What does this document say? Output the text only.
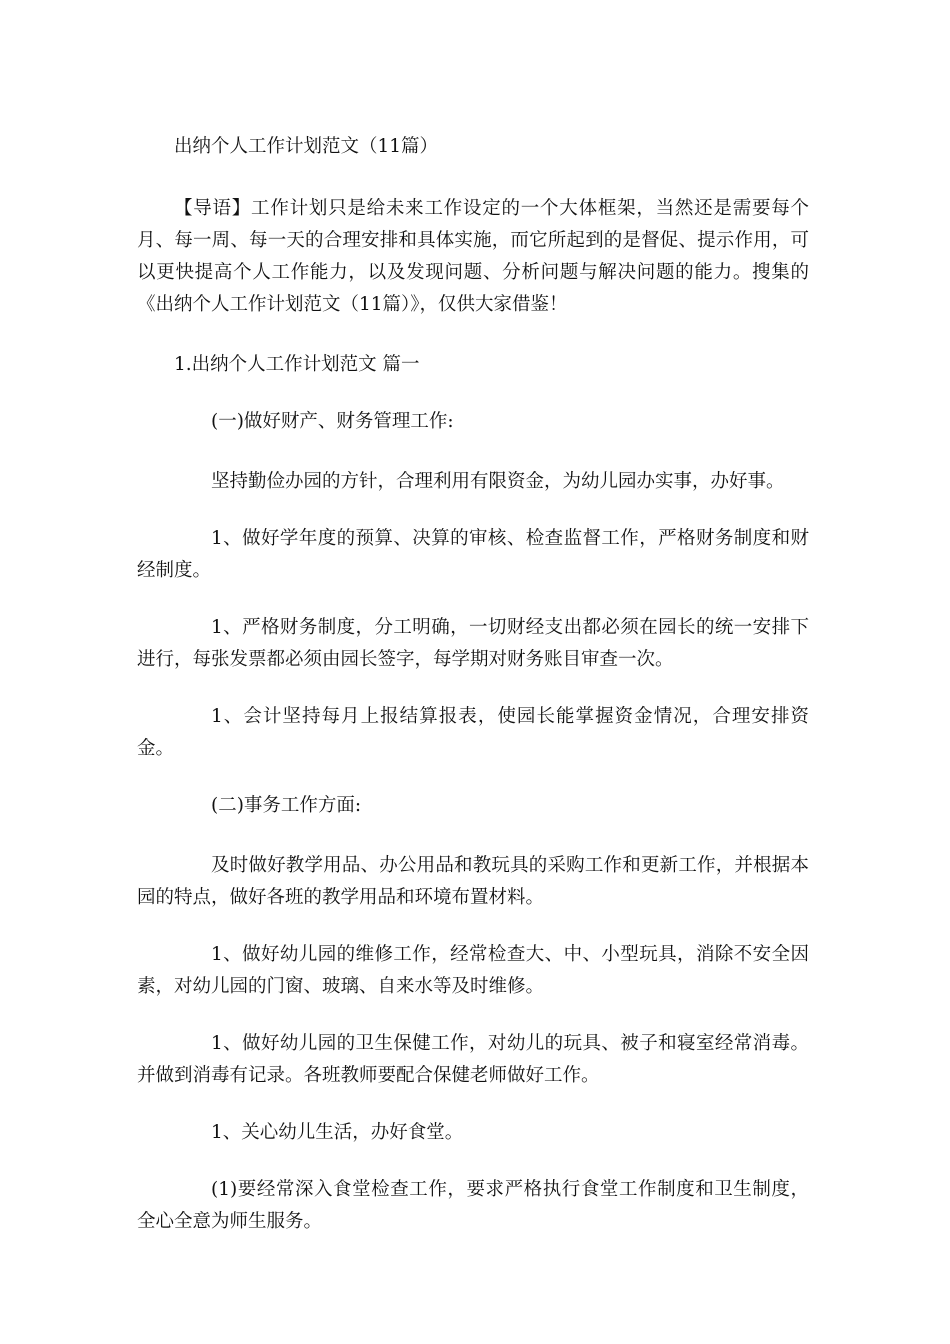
出纳个人工作计划范文（11篇）

【导语】工作计划只是给未来工作设定的一个大体框架，当然还是需要每个月、每一周、每一天的合理安排和具体实施，而它所起到的是督促、提示作用，可以更快提高个人工作能力，以及发现问题、分析问题与解决问题的能力。搜集的《出纳个人工作计划范文（11篇）》，仅供大家借鉴！

1.出纳个人工作计划范文 篇一

(一)做好财产、财务管理工作:

坚持勤俭办园的方针，合理利用有限资金，为幼儿园办实事，办好事。

1、做好学年度的预算、决算的审核、检查监督工作，严格财务制度和财经制度。

1、严格财务制度，分工明确，一切财经支出都必须在园长的统一安排下进行，每张发票都必须由园长签字，每学期对财务账目审查一次。

1、会计坚持每月上报结算报表，使园长能掌握资金情况，合理安排资金。

(二)事务工作方面:

及时做好教学用品、办公用品和教玩具的采购工作和更新工作，并根据本园的特点，做好各班的教学用品和环境布置材料。

1、做好幼儿园的维修工作，经常检查大、中、小型玩具，消除不安全因素，对幼儿园的门窗、玻璃、自来水等及时维修。

1、做好幼儿园的卫生保健工作，对幼儿的玩具、被子和寝室经常消毒。并做到消毒有记录。各班教师要配合保健老师做好工作。

1、关心幼儿生活，办好食堂。

(1)要经常深入食堂检查工作，要求严格执行食堂工作制度和卫生制度，全心全意为师生服务。
